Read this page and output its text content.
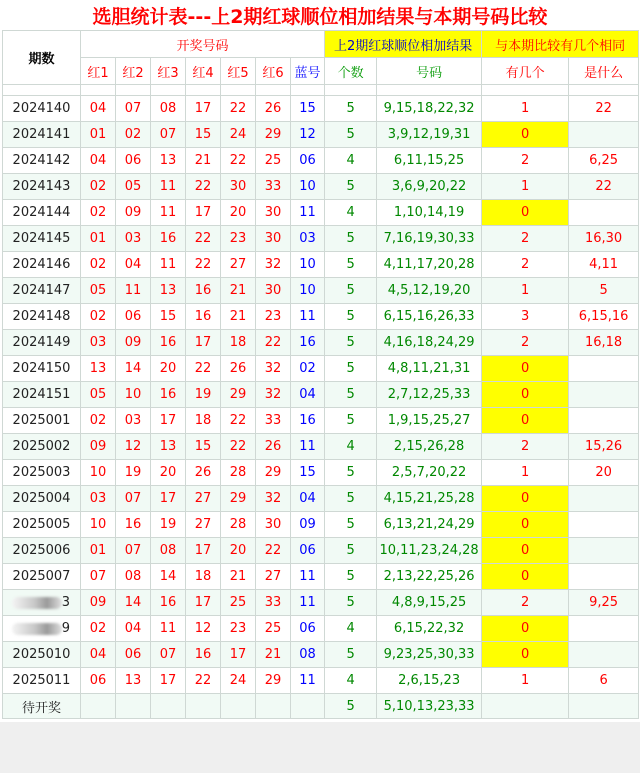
选胆统计表---上2期红球顺位相加结果与本期号码比较
期数	开奖号码							上2期红球顺位相加结果		与本期比较有几个相同	
	红1	红2	红3	红4	红5	红6	蓝号	个数	号码	有几个	是什么

2024140	04	07	08	17	22	26	15	5	9,15,18,22,32	1	22
2024141	01	02	07	15	24	29	12	5	3,9,12,19,31	0	
2024142	04	06	13	21	22	25	06	4	6,11,15,25	2	6,25
2024143	02	05	11	22	30	33	10	5	3,6,9,20,22	1	22
2024144	02	09	11	17	20	30	11	4	1,10,14,19	0	
2024145	01	03	16	22	23	30	03	5	7,16,19,30,33	2	16,30
2024146	02	04	11	22	27	32	10	5	4,11,17,20,28	2	4,11
2024147	05	11	13	16	21	30	10	5	4,5,12,19,20	1	5
2024148	02	06	15	16	21	23	11	5	6,15,16,26,33	3	6,15,16
2024149	03	09	16	17	18	22	16	5	4,16,18,24,29	2	16,18
2024150	13	14	20	22	26	32	02	5	4,8,11,21,31	0	
2024151	05	10	16	19	29	32	04	5	2,7,12,25,33	0	
2025001	02	03	17	18	22	33	16	5	1,9,15,25,27	0	
2025002	09	12	13	15	22	26	11	4	2,15,26,28	2	15,26
2025003	10	19	20	26	28	29	15	5	2,5,7,20,22	1	20
2025004	03	07	17	27	29	32	04	5	4,15,21,25,28	0	
2025005	10	16	19	27	28	30	09	5	6,13,21,24,29	0	
2025006	01	07	08	17	20	22	06	5	10,11,23,24,28	0	
2025007	07	08	14	18	21	27	11	5	2,13,22,25,26	0	
3	09	14	16	17	25	33	11	5	4,8,9,15,25	2	9,25
9	02	04	11	12	23	25	06	4	6,15,22,32	0	
2025010	04	06	07	16	17	21	08	5	9,23,25,30,33	0	
2025011	06	13	17	22	24	29	11	4	2,6,15,23	1	6
待开奖								5	5,10,13,23,33		
